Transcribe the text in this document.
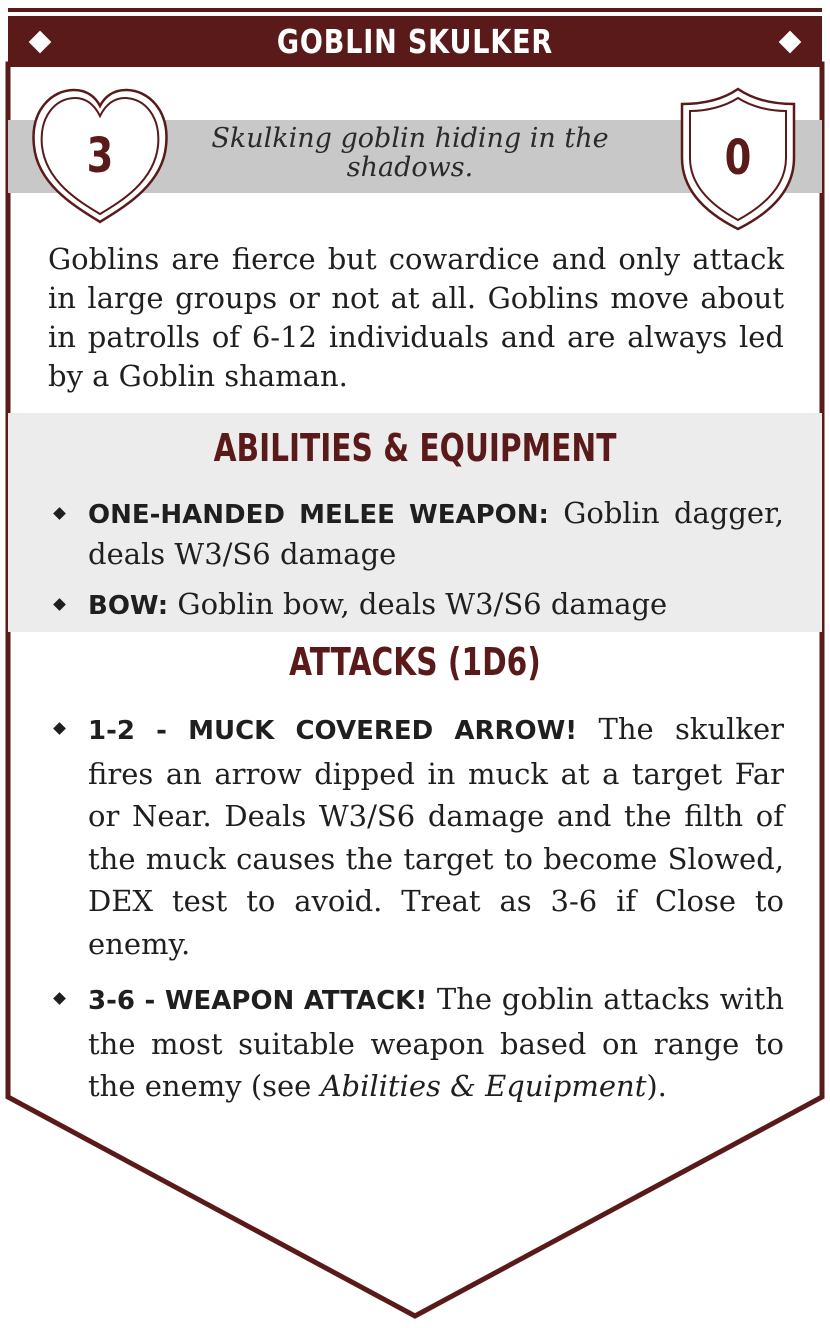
GOBLIN SKULKER
3	0
Skulking goblin hiding in the shadows.
Goblins are fierce but cowardice and only attack in large groups or not at all. Goblins move about in patrolls of 6-12 individuals and are always led by a Goblin shaman.
ABILITIES & EQUIPMENT
ONE-HANDED MELEE WEAPON: Goblin dagger, deals W3/S6 damage
BOW: Goblin bow, deals W3/S6 damage
ATTACKS (1D6)
1-2 - MUCK COVERED ARROW! The skulker fires an arrow dipped in muck at a target Far or Near. Deals W3/S6 damage and the filth of the muck causes the target to become Slowed, DEX test to avoid. Treat as 3-6 if Close to enemy.
3-6 - WEAPON ATTACK! The goblin attacks with the most suitable weapon based on range to the enemy (see Abilities & Equipment).
